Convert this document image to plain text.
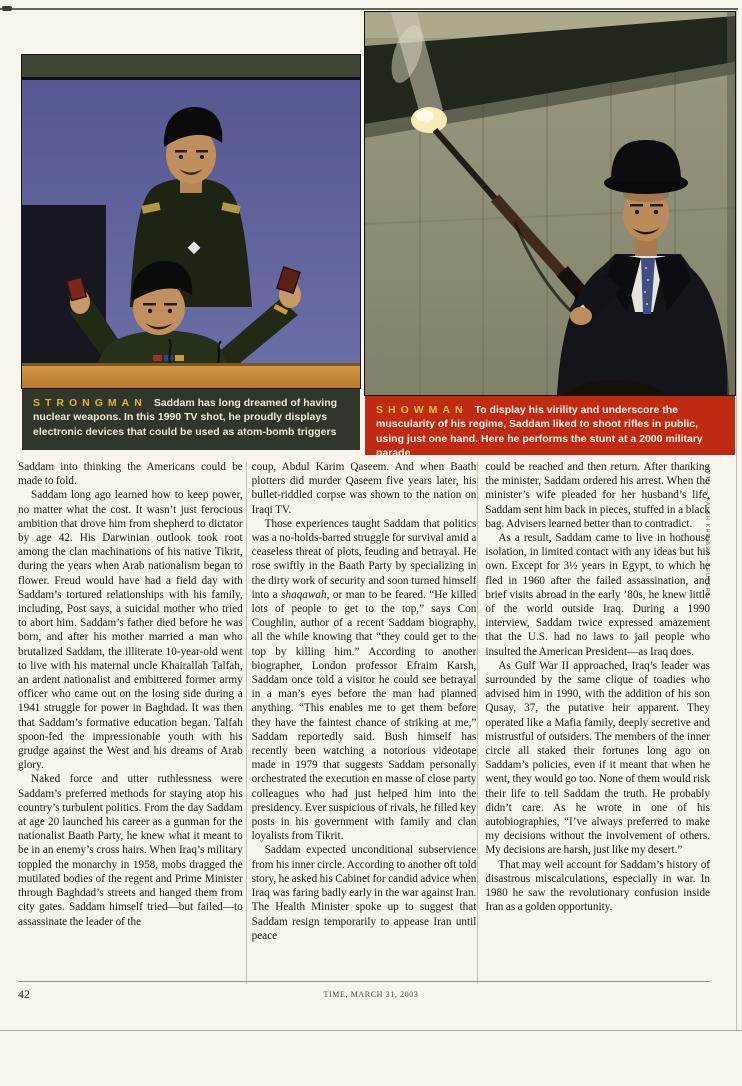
STRONGMAN Saddam has long dreamed of having nuclear weapons. In this 1990 TV shot, he proudly displays electronic devices that could be used as atom-bomb triggers

SHOWMAN To display his virility and underscore the muscularity of his regime, Saddam liked to shoot rifles in public, using just one hand. Here he performs the stunt at a 2000 military parade

APTN — FALEH KHEIBER—REUTERS

Saddam into thinking the Americans could be made to fold.

Saddam long ago learned how to keep power, no matter what the cost. It wasn’t just ferocious ambition that drove him from shepherd to dictator by age 42. His Darwinian outlook took root among the clan machinations of his native Tikrit, during the years when Arab nationalism began to flower. Freud would have had a field day with Saddam’s tortured relationships with his family, including, Post says, a suicidal mother who tried to abort him. Saddam’s father died before he was born, and after his mother married a man who brutalized Saddam, the illiterate 10-year-old went to live with his maternal uncle Khairallah Talfah, an ardent nationalist and embittered former army officer who came out on the losing side during a 1941 struggle for power in Baghdad. It was then that Saddam’s formative education began. Talfah spoon-fed the impressionable youth with his grudge against the West and his dreams of Arab glory.

Naked force and utter ruthlessness were Saddam’s preferred methods for staying atop his country’s turbulent politics. From the day Saddam at age 20 launched his career as a gunman for the nationalist Baath Party, he knew what it meant to be in an enemy’s cross hairs. When Iraq’s military toppled the monarchy in 1958, mobs dragged the mutilated bodies of the regent and Prime Minister through Baghdad’s streets and hanged them from city gates. Saddam himself tried—but failed—to assassinate the leader of the

coup, Abdul Karim Qaseem. And when Baath plotters did murder Qaseem five years later, his bullet-riddled corpse was shown to the nation on Iraqi TV.

Those experiences taught Saddam that politics was a no-holds-barred struggle for survival amid a ceaseless threat of plots, feuding and betrayal. He rose swiftly in the Baath Party by specializing in the dirty work of security and soon turned himself into a shaqawah, or man to be feared. “He killed lots of people to get to the top,” says Con Coughlin, author of a recent Saddam biography, all the while knowing that “they could get to the top by killing him.” According to another biographer, London professor Efraim Karsh, Saddam once told a visitor he could see betrayal in a man’s eyes before the man had planned anything. “This enables me to get them before they have the faintest chance of striking at me,” Saddam reportedly said. Bush himself has recently been watching a notorious videotape made in 1979 that suggests Saddam personally orchestrated the execution en masse of close party colleagues who had just helped him into the presidency. Ever suspicious of rivals, he filled key posts in his government with family and clan loyalists from Tikrit.

Saddam expected unconditional subservience from his inner circle. According to another oft told story, he asked his Cabinet for candid advice when Iraq was faring badly early in the war against Iran. The Health Minister spoke up to suggest that Saddam resign temporarily to appease Iran until peace

could be reached and then return. After thanking the minister, Saddam ordered his arrest. When the minister’s wife pleaded for her husband’s life, Saddam sent him back in pieces, stuffed in a black bag. Advisers learned better than to contradict.

As a result, Saddam came to live in hothouse isolation, in limited contact with any ideas but his own. Except for 3½ years in Egypt, to which he fled in 1960 after the failed assassination, and brief visits abroad in the early ’80s, he knew little of the world outside Iraq. During a 1990 interview, Saddam twice expressed amazement that the U.S. had no laws to jail people who insulted the American President—as Iraq does.

As Gulf War II approached, Iraq’s leader was surrounded by the same clique of toadies who advised him in 1990, with the addition of his son Qusay, 37, the putative heir apparent. They operated like a Mafia family, deeply secretive and mistrustful of outsiders. The members of the inner circle all staked their fortunes long ago on Saddam’s policies, even if it meant that when he went, they would go too. None of them would risk their life to tell Saddam the truth. He probably didn’t care. As he wrote in one of his autobiographies, “I’ve always preferred to make my decisions without the involvement of others. My decisions are harsh, just like my desert.”

That may well account for Saddam’s history of disastrous miscalculations, especially in war. In 1980 he saw the revolutionary confusion inside Iran as a golden opportunity.

42	TIME, MARCH 31, 2003
